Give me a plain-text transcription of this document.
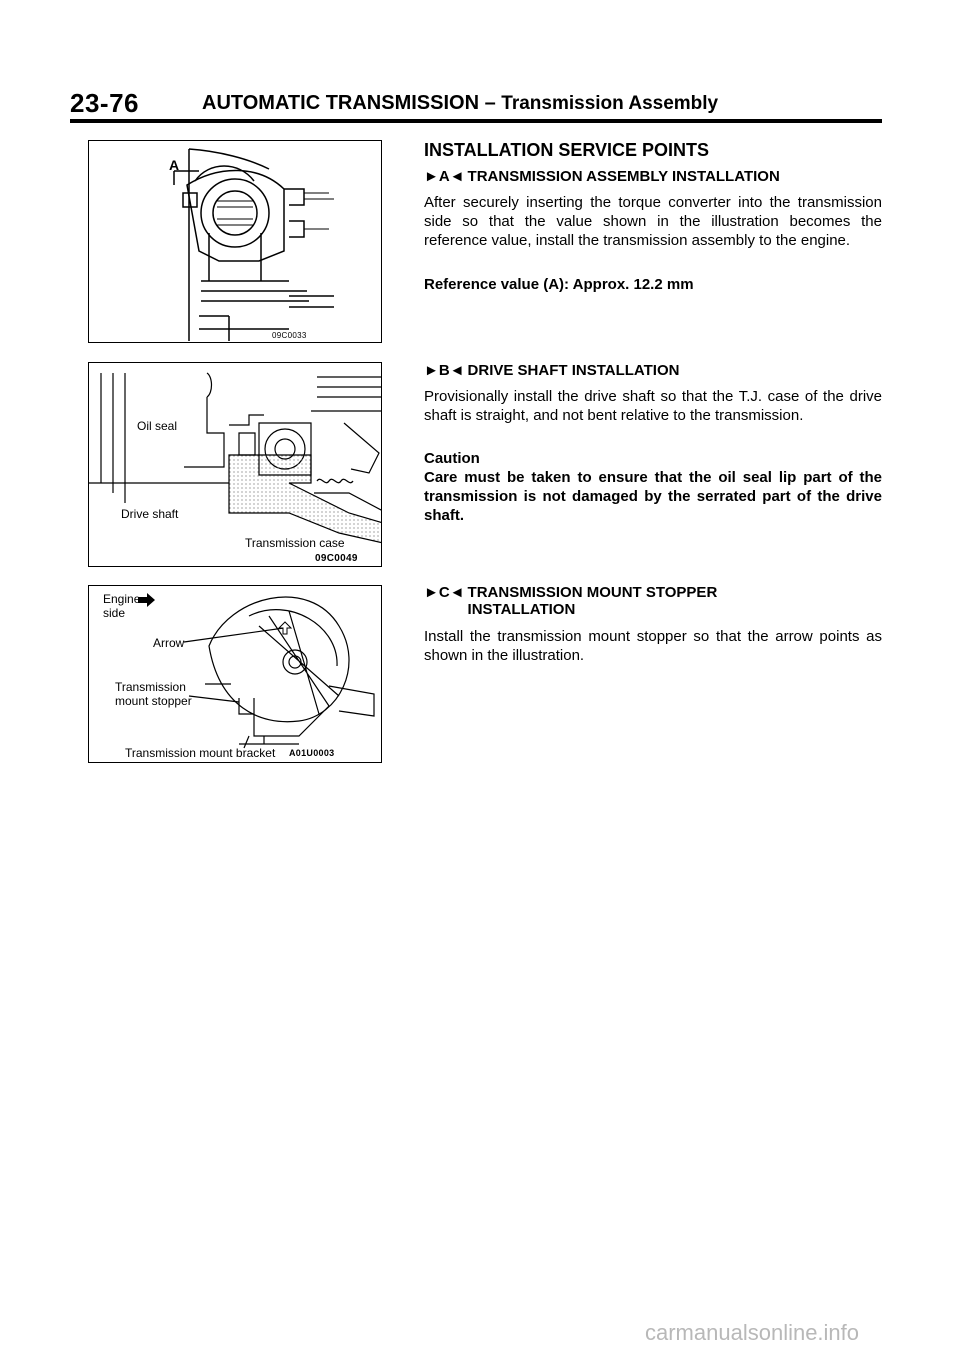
23-76	AUTOMATIC TRANSMISSION – Transmission Assembly
A
09C0033
Oil seal
Drive shaft
Transmission case
09C0049
Engine
side
Arrow
Transmission
mount stopper
Transmission mount bracket A01U0003
INSTALLATION SERVICE POINTS
►A◄ TRANSMISSION ASSEMBLY INSTALLATION
After securely inserting the torque converter into the transmission side so that the value shown in the illustration becomes the reference value, install the transmission assembly to the engine.
Reference value (A): Approx. 12.2 mm
►B◄ DRIVE SHAFT INSTALLATION
Provisionally install the drive shaft so that the T.J. case of the drive shaft is straight, and not bent relative to the transmission.
Caution
Care must be taken to ensure that the oil seal lip part of the transmission is not damaged by the serrated part of the drive shaft.
►C◄ TRANSMISSION MOUNT STOPPER INSTALLATION
Install the transmission mount stopper so that the arrow points as shown in the illustration.
carmanualsonline.info
